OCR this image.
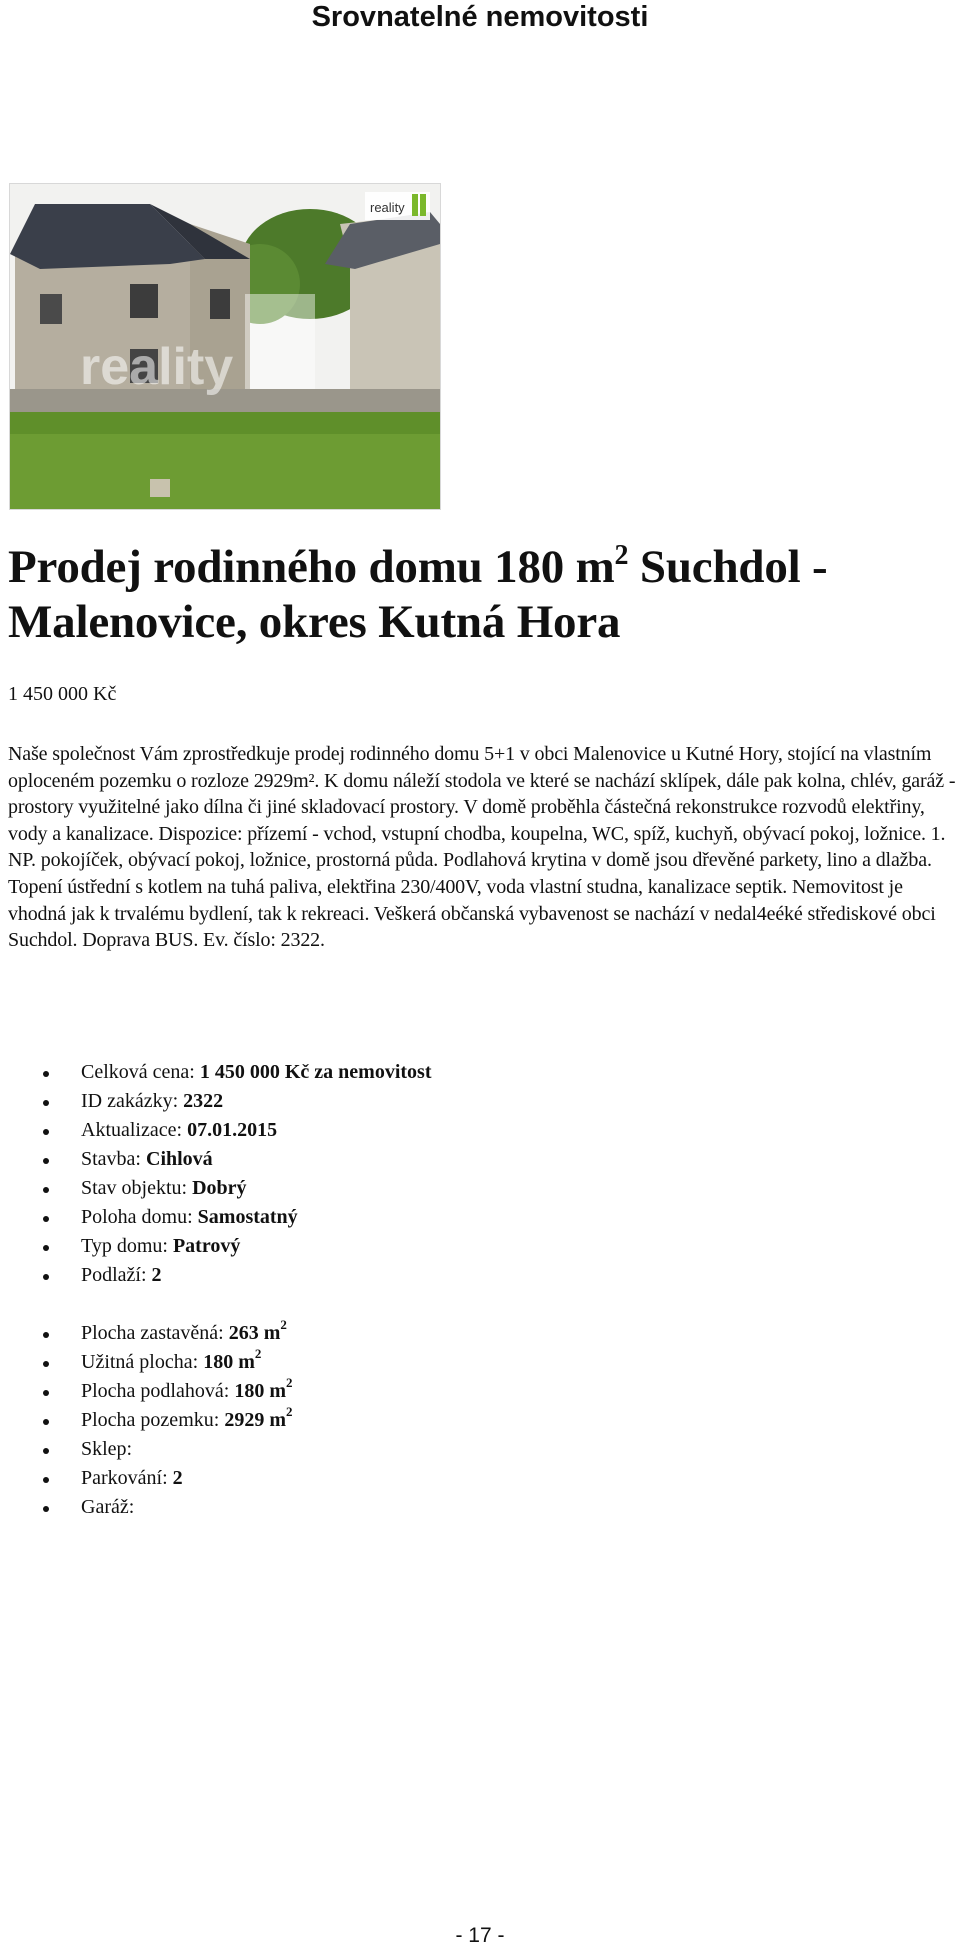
Srovnatelné nemovitosti
reality
reality
Prodej rodinného domu 180 $m^2$ Suchdol - Malenovice, okres Kutná Hora
1 450 000 Kč

Naše společnost Vám zprostředkuje prodej rodinného domu 5+1 v obci Malenovice u Kutné Hory, stojící na vlastním oploceném pozemku o rozloze 2929m². K domu náleží stodola ve které se nachází sklípek, dále pak kolna, chlév, garáž - prostory využitelné jako dílna či jiné skladovací prostory. V domě proběhla částečná rekonstrukce rozvodů elektřiny, vody a kanalizace. Dispozice: přízemí - vchod, vstupní chodba, koupelna, WC, spíž, kuchyň, obývací pokoj, ložnice. 1. NP. pokojíček, obývací pokoj, ložnice, prostorná půda. Podlahová krytina v domě jsou dřevěné parkety, lino a dlažba. Topení ústřední s kotlem na tuhá paliva, elektřina 230/400V, voda vlastní studna, kanalizace septik. Nemovitost je vhodná jak k trvalému bydlení, tak k rekreaci. Veškerá občanská vybavenost se nachází v nedal4eéké střediskové obci Suchdol. Doprava BUS. Ev. číslo: 2322.

Celková cena: 1 450 000 Kč za nemovitost
ID zakázky: 2322
Aktualizace: 07.01.2015
Stavba: Cihlová
Stav objektu: Dobrý
Poloha domu: Samostatný
Typ domu: Patrový
Podlaží: 2
Plocha zastavěná: 263 $m^2$
Užitná plocha: 180 $m^2$
Plocha podlahová: 180 $m^2$
Plocha pozemku: 2929 $m^2$
Sklep:
Parkování: 2
Garáž:
- 17 -
